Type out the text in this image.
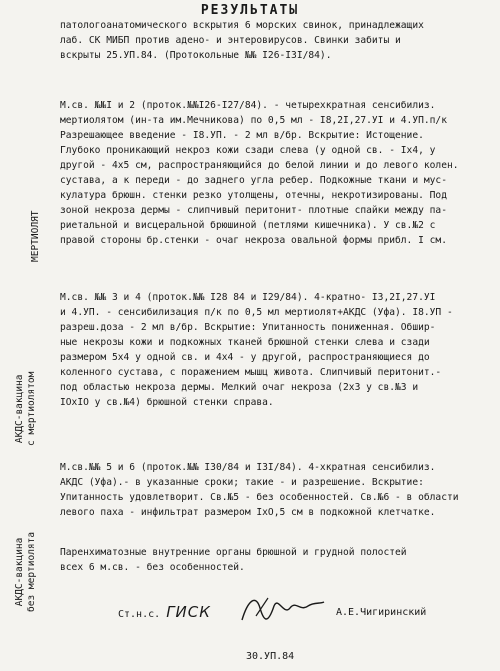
РЕЗУЛЬТАТЫ
патологоанатомического вскрытия 6 морских свинок, принадлежащих
лаб. СК МИБП против адено- и энтеровирусов. Свинки забиты и
вскрыты 25.УП.84. (Протокольные №№ I26-I3I/84).
М.св. №№I и 2 (проток.№№I26-I27/84). - четырехкратная сенсибилиз.
мертиолятом (ин-та им.Мечникова) по 0,5 мл - I8,2I,27.УI и 4.УП.п/к
Разрешающее введение - I8.УП. - 2 мл в/бр. Вскрытие: Истощение.
Глубоко проникающий некроз кожи сзади слева (у одной св. - Iх4, у
другой - 4х5 см, распространяющийся до белой линии и до левого колен.
сустава, а к переди - до заднего угла ребер. Подкожные ткани и мус-
кулатура брюшн. стенки резко утолщены, отечны, некротизированы. Под
зоной некроза дермы - слипчивый перитонит- плотные спайки между па-
риетальной и висцеральной брюшиной (петлями кишечника). У св.№2 с
правой стороны бр.стенки - очаг некроза овальной формы прибл. I см.
М.св. №№ 3 и 4 (проток.№№ I28 84 и I29/84). 4-кратно- I3,2I,27.УI
и 4.УП. - сенсибилизация п/к по 0,5 мл мертиолят+АКДС (Уфа). I8.УП -
разреш.доза - 2 мл в/бр. Вскрытие: Упитанность пониженная. Обшир-
ные некрозы кожи и подкожных тканей брюшной стенки слева и сзади
размером 5х4 у одной св. и 4х4 - у другой, распространяющиеся до
коленного сустава, с поражением мышц живота. Слипчивый перитонит.-
под областью некроза дермы. Мелкий очаг некроза (2х3 у св.№3 и
IОхIО у св.№4) брюшной стенки справа.
М.св.№№ 5 и 6 (проток.№№ I30/84 и I3I/84). 4-хкратная сенсибилиз.
АКДС (Уфа).- в указанные сроки; такие - и разрешение. Вскрытие:
Упитанность удовлетворит. Св.№5 - без особенностей. Св.№6 - в области
левого паха - инфильтрат размером IхО,5 см в подкожной клетчатке.
Паренхиматозные внутренние органы брюшной и грудной полостей
всех 6 м.св. - без особенностей.
МЕРТИОЛЯТ
АКДС-вакцина с мертиолятом
АКДС-вакцина без мертиолята
Ст.н.с. ГИСК	А.Е.Чигиринский
30.УП.84
